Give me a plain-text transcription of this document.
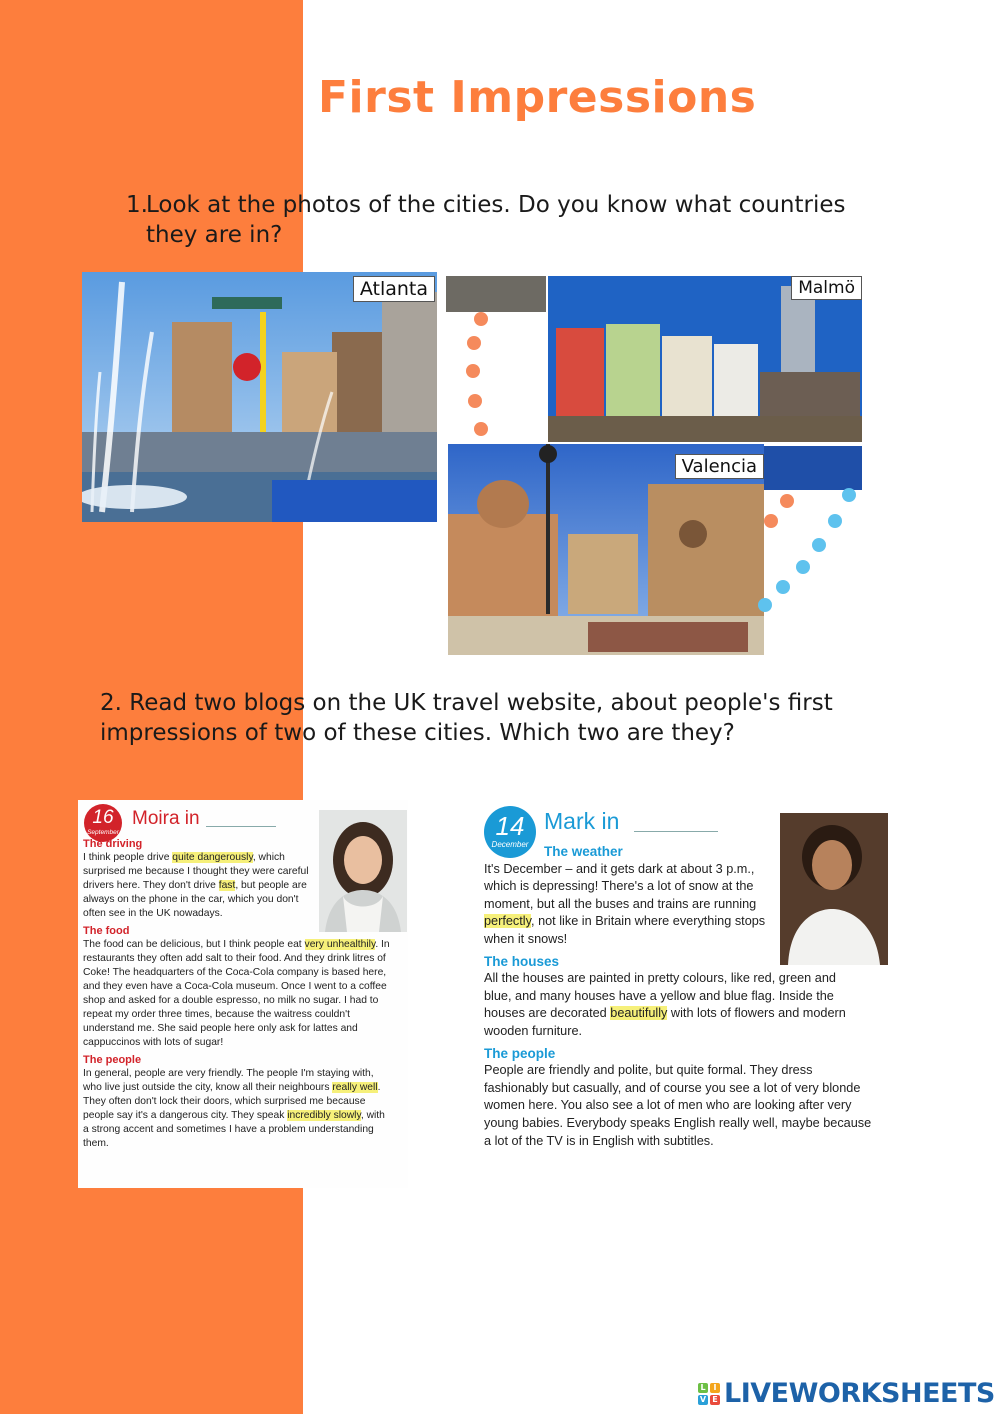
First Impressions
1.Look at the photos of the cities. Do you know what countries
they are in?
Atlanta	Malmö
Valencia
2. Read two blogs on the UK travel website, about people's first
impressions of two of these cities. Which two are they?
16
September
Moira in
The driving

I think people drive quite dangerously, which surprised me because I thought they were careful drivers here. They don't drive fast, but people are always on the phone in the car, which you don't often see in the UK nowadays.

The food

The food can be delicious, but I think people eat very unhealthily. In restaurants they often add salt to their food. And they drink litres of Coke! The headquarters of the Coca-Cola company is based here, and they even have a Coca-Cola museum. Once I went to a coffee shop and asked for a double espresso, no milk no sugar. I had to repeat my order three times, because the waitress couldn't understand me. She said people here only ask for lattes and cappuccinos with lots of sugar!

The people

In general, people are very friendly. The people I'm staying with, who live just outside the city, know all their neighbours really well. They often don't lock their doors, which surprised me because people say it's a dangerous city. They speak incredibly slowly, with a strong accent and sometimes I have a problem understanding them.

14
December
Mark in
The weather

It's December – and it gets dark at about 3 p.m., which is depressing! There's a lot of snow at the moment, but all the buses and trains are running perfectly, not like in Britain where everything stops when it snows!

The houses

All the houses are painted in pretty colours, like red, green and blue, and many houses have a yellow and blue flag. Inside the houses are decorated beautifully with lots of flowers and modern wooden furniture.

The people

People are friendly and polite, but quite formal. They dress fashionably but casually, and of course you see a lot of very blonde women here. You also see a lot of men who are looking after very young babies. Everybody speaks English really well, maybe because a lot of the TV is in English with subtitles.

L I
V E LIVEWORKSHEETS
